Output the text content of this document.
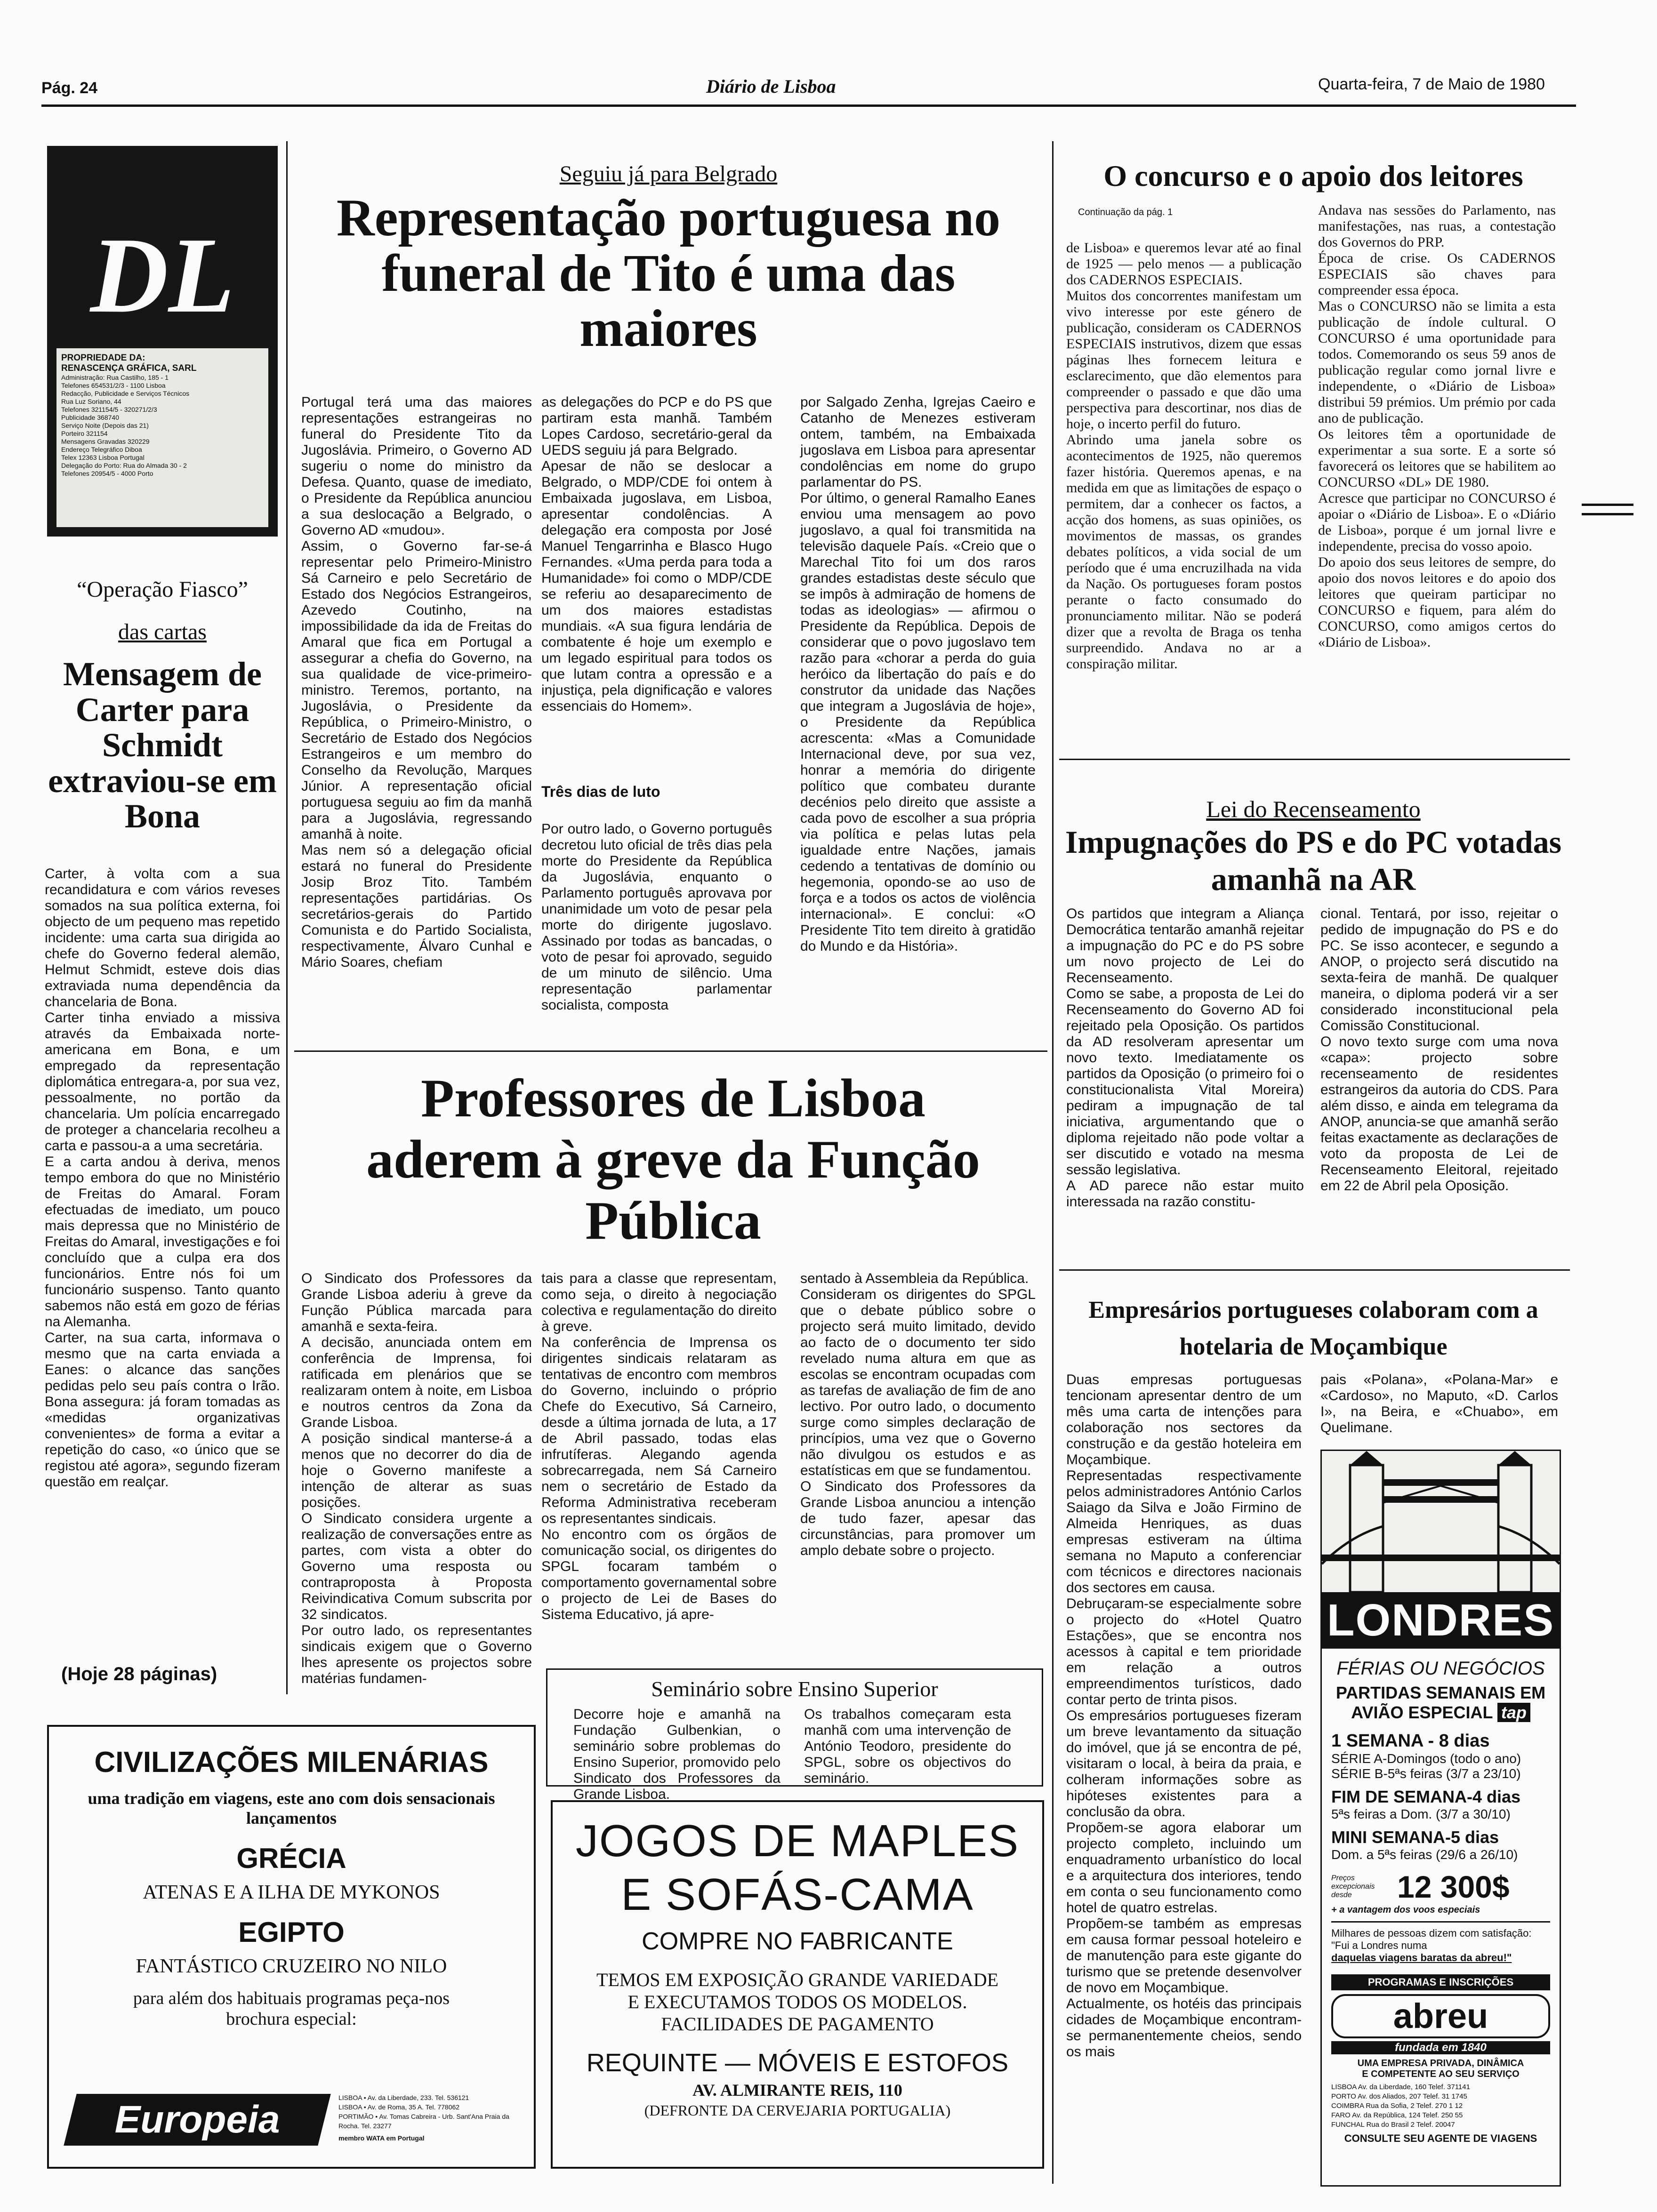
Pág. 24	Diário de Lisboa	Quarta-feira, 7 de Maio de 1980
DL
PROPRIEDADE DA:
RENASCENÇA GRÁFICA, SARL
Administração: Rua Castilho, 185 - 1
Telefones 654531/2/3 - 1100 Lisboa
Redacção, Publicidade e Serviços Técnicos
Rua Luz Soriano, 44
Telefones 321154/5 - 320271/2/3
Publicidade 368740
Serviço Noite (Depois das 21)
Porteiro 321154
Mensagens Gravadas 320229
Endereço Telegráfico Diboa
Telex 12363 Lisboa Portugal
Delegação do Porto: Rua do Almada 30 - 2
Telefones 20954/5 - 4000 Porto
“Operação Fiasco”
das cartas
Mensagem de Carter para Schmidt extraviou-se em Bona
Carter, à volta com a sua recandidatura e com vários reveses somados na sua política externa, foi objecto de um pequeno mas repetido incidente: uma carta sua dirigida ao chefe do Governo federal alemão, Helmut Schmidt, esteve dois dias extraviada numa dependência da chancelaria de Bona.
Carter tinha enviado a missiva através da Embaixada norte-americana em Bona, e um empregado da representação diplomática entregara-a, por sua vez, pessoalmente, no portão da chancelaria. Um polícia encarregado de proteger a chancelaria recolheu a carta e passou-a a uma secretária.
E a carta andou à deriva, menos tempo embora do que no Ministério de Freitas do Amaral. Foram efectuadas de imediato, um pouco mais depressa que no Ministério de Freitas do Amaral, investigações e foi concluído que a culpa era dos funcionários. Entre nós foi um funcionário suspenso. Tanto quanto sabemos não está em gozo de férias na Alemanha.
Carter, na sua carta, informava o mesmo que na carta enviada a Eanes: o alcance das sanções pedidas pelo seu país contra o Irão. Bona assegura: já foram tomadas as «medidas organizativas convenientes» de forma a evitar a repetição do caso, «o único que se registou até agora», segundo fizeram questão em realçar.
(Hoje 28 páginas)
Seguiu já para Belgrado
Representação portuguesa no funeral de Tito é uma das maiores
Portugal terá uma das maiores representações estrangeiras no funeral do Presidente Tito da Jugoslávia. Primeiro, o Governo AD sugeriu o nome do ministro da Defesa. Quanto, quase de imediato, o Presidente da República anunciou a sua deslocação a Belgrado, o Governo AD «mudou».
Assim, o Governo far-se-á representar pelo Primeiro-Ministro Sá Carneiro e pelo Secretário de Estado dos Negócios Estrangeiros, Azevedo Coutinho, na impossibilidade da ida de Freitas do Amaral que fica em Portugal a assegurar a chefia do Governo, na sua qualidade de vice-primeiro-ministro. Teremos, portanto, na Jugoslávia, o Presidente da República, o Primeiro-Ministro, o Secretário de Estado dos Negócios Estrangeiros e um membro do Conselho da Revolução, Marques Júnior. A representação oficial portuguesa seguiu ao fim da manhã para a Jugoslávia, regressando amanhã à noite.
Mas nem só a delegação oficial estará no funeral do Presidente Josip Broz Tito. Também representações partidárias. Os secretários-gerais do Partido Comunista e do Partido Socialista, respectivamente, Álvaro Cunhal e Mário Soares, chefiam
as delegações do PCP e do PS que partiram esta manhã. Também Lopes Cardoso, secretário-geral da UEDS seguiu já para Belgrado.
Apesar de não se deslocar a Belgrado, o MDP/CDE foi ontem à Embaixada jugoslava, em Lisboa, apresentar condolências. A delegação era composta por José Manuel Tengarrinha e Blasco Hugo Fernandes. «Uma perda para toda a Humanidade» foi como o MDP/CDE se referiu ao desaparecimento de um dos maiores estadistas mundiais. «A sua figura lendária de combatente é hoje um exemplo e um legado espiritual para todos os que lutam contra a opressão e a injustiça, pela dignificação e valores essenciais do Homem».
Três dias de luto
Por outro lado, o Governo português decretou luto oficial de três dias pela morte do Presidente da República da Jugoslávia, enquanto o Parlamento português aprovava por unanimidade um voto de pesar pela morte do dirigente jugoslavo. Assinado por todas as bancadas, o voto de pesar foi aprovado, seguido de um minuto de silêncio. Uma representação parlamentar socialista, composta
por Salgado Zenha, Igrejas Caeiro e Catanho de Menezes estiveram ontem, também, na Embaixada jugoslava em Lisboa para apresentar condolências em nome do grupo parlamentar do PS.
Por último, o general Ramalho Eanes enviou uma mensagem ao povo jugoslavo, a qual foi transmitida na televisão daquele País. «Creio que o Marechal Tito foi um dos raros grandes estadistas deste século que se impôs à admiração de homens de todas as ideologias» — afirmou o Presidente da República. Depois de considerar que o povo jugoslavo tem razão para «chorar a perda do guia heróico da libertação do país e do construtor da unidade das Nações que integram a Jugoslávia de hoje», o Presidente da República acrescenta: «Mas a Comunidade Internacional deve, por sua vez, honrar a memória do dirigente político que combateu durante decénios pelo direito que assiste a cada povo de escolher a sua própria via política e pelas lutas pela igualdade entre Nações, jamais cedendo a tentativas de domínio ou hegemonia, opondo-se ao uso de força e a todos os actos de violência internacional». E conclui: «O Presidente Tito tem direito à gratidão do Mundo e da História».
Professores de Lisboa aderem à greve da Função Pública
O Sindicato dos Professores da Grande Lisboa aderiu à greve da Função Pública marcada para amanhã e sexta-feira.
A decisão, anunciada ontem em conferência de Imprensa, foi ratificada em plenários que se realizaram ontem à noite, em Lisboa e noutros centros da Zona da Grande Lisboa.
A posição sindical mantersе-á a menos que no decorrer do dia de hoje o Governo manifeste a intenção de alterar as suas posições.
O Sindicato considera urgente a realização de conversações entre as partes, com vista a obter do Governo uma resposta ou contraproposta à Proposta Reivindicativa Comum subscrita por 32 sindicatos.
Por outro lado, os representantes sindicais exigem que o Governo lhes apresente os projectos sobre matérias fundamen-
tais para a classe que representam, como seja, o direito à negociação colectiva e regulamentação do direito à greve.
Na conferência de Imprensa os dirigentes sindicais relataram as tentativas de encontro com membros do Governo, incluindo o próprio Chefe do Executivo, Sá Carneiro, desde a última jornada de luta, a 17 de Abril passado, todas elas infrutíferas. Alegando agenda sobrecarregada, nem Sá Carneiro nem o secretário de Estado da Reforma Administrativa receberam os representantes sindicais.
No encontro com os órgãos de comunicação social, os dirigentes do SPGL focaram também o comportamento governamental sobre o projecto de Lei de Bases do Sistema Educativo, já apre-
sentado à Assembleia da República.
Consideram os dirigentes do SPGL que o debate público sobre o projecto será muito limitado, devido ao facto de o documento ter sido revelado numa altura em que as escolas se encontram ocupadas com as tarefas de avaliação de fim de ano lectivo. Por outro lado, o documento surge como simples declaração de princípios, uma vez que o Governo não divulgou os estudos e as estatísticas em que se fundamentou.
O Sindicato dos Professores da Grande Lisboa anunciou a intenção de tudo fazer, apesar das circunstâncias, para promover um amplo debate sobre o projecto.
Seminário sobre Ensino Superior
Decorre hoje e amanhã na Fundação Gulbenkian, o seminário sobre problemas do Ensino Superior, promovido pelo Sindicato dos Professores da Grande Lisboa.
Os trabalhos começaram esta manhã com uma intervenção de António Teodoro, presidente do SPGL, sobre os objectivos do seminário.
CIVILIZAÇÕES MILENÁRIAS
uma tradição em viagens, este ano com dois sensacionais lançamentos
GRÉCIA
ATENAS E A ILHA DE MYKONOS
EGIPTO
FANTÁSTICO CRUZEIRO NO NILO
para além dos habituais programas peça-nos brochura especial:
Europeia
LISBOA • Av. da Liberdade, 233. Tel. 536121
LISBOA • Av. de Roma, 35 A. Tel. 778062
PORTIMÃO • Av. Tomas Cabreira - Urb. Sant'Ana Praia da Rocha. Tel. 23277
membro WATA em Portugal
JOGOS DE MAPLES
E SOFÁS-CAMA
COMPRE NO FABRICANTE
TEMOS EM EXPOSIÇÃO GRANDE VARIEDADE
E EXECUTAMOS TODOS OS MODELOS.
FACILIDADES DE PAGAMENTO
REQUINTE — MÓVEIS E ESTOFOS
AV. ALMIRANTE REIS, 110
(DEFRONTE DA CERVEJARIA PORTUGALIA)
O concurso e o apoio dos leitores
Continuação da pág. 1
de Lisboa» e queremos levar até ao final de 1925 — pelo menos — a publicação dos CADERNOS ESPECIAIS.
Muitos dos concorrentes manifestam um vivo interesse por este género de publicação, consideram os CADERNOS ESPECIAIS instrutivos, dizem que essas páginas lhes fornecem leitura e esclarecimento, que dão elementos para compreender o passado e que dão uma perspectiva para descortinar, nos dias de hoje, o incerto perfil do futuro.
Abrindo uma janela sobre os acontecimentos de 1925, não queremos fazer história. Queremos apenas, e na medida em que as limitações de espaço o permitem, dar a conhecer os factos, a acção dos homens, as suas opiniões, os movimentos de massas, os grandes debates políticos, a vida social de um período que é uma encruzilhada na vida da Nação. Os portugueses foram postos perante o facto consumado do pronunciamento militar. Não se poderá dizer que a revolta de Braga os tenha surpreendido. Andava no ar a conspiração militar.
Andava nas sessões do Parlamento, nas manifestações, nas ruas, a contestação dos Governos do PRP.
Época de crise. Os CADERNOS ESPECIAIS são chaves para compreender essa época.
Mas o CONCURSO não se limita a esta publicação de índole cultural. O CONCURSO é uma oportunidade para todos. Comemorando os seus 59 anos de publicação regular como jornal livre e independente, o «Diário de Lisboa» distribui 59 prémios. Um prémio por cada ano de publicação.
Os leitores têm a oportunidade de experimentar a sua sorte. E a sorte só favorecerá os leitores que se habilitem ao CONCURSO «DL» DE 1980.
Acresce que participar no CONCURSO é apoiar o «Diário de Lisboa». E o «Diário de Lisboa», porque é um jornal livre e independente, precisa do vosso apoio.
Do apoio dos seus leitores de sempre, do apoio dos novos leitores e do apoio dos leitores que queiram participar no CONCURSO e fiquem, para além do CONCURSO, como amigos certos do «Diário de Lisboa».
Lei do Recenseamento
Impugnações do PS e do PC votadas amanhã na AR
Os partidos que integram a Aliança Democrática tentarão amanhã rejeitar a impugnação do PC e do PS sobre um novo projecto de Lei do Recenseamento.
Como se sabe, a proposta de Lei do Recenseamento do Governo AD foi rejeitado pela Oposição. Os partidos da AD resolveram apresentar um novo texto. Imediatamente os partidos da Oposição (o primeiro foi o constitucionalista Vital Moreira) pediram a impugnação de tal iniciativa, argumentando que o diploma rejeitado não pode voltar a ser discutido e votado na mesma sessão legislativa.
A AD parece não estar muito interessada na razão constitu-
cional. Tentará, por isso, rejeitar o pedido de impugnação do PS e do PC. Se isso acontecer, e segundo a ANOP, o projecto será discutido na sexta-feira de manhã. De qualquer maneira, o diploma poderá vir a ser considerado inconstitucional pela Comissão Constitucional.
O novo texto surge com uma nova «capa»: projecto sobre recenseamento de residentes estrangeiros da autoria do CDS. Para além disso, e ainda em telegrama da ANOP, anuncia-se que amanhã serão feitas exactamente as declarações de voto da proposta de Lei de Recenseamento Eleitoral, rejeitado em 22 de Abril pela Oposição.
Empresários portugueses colaboram com a hotelaria de Moçambique
Duas empresas portuguesas tencionam apresentar dentro de um mês uma carta de intenções para colaboração nos sectores da construção e da gestão hoteleira em Moçambique.
Representadas respectivamente pelos administradores António Carlos Saiago da Silva e João Firmino de Almeida Henriques, as duas empresas estiveram na última semana no Maputo a conferenciar com técnicos e directores nacionais dos sectores em causa.
Debruçaram-se especialmente sobre o projecto do «Hotel Quatro Estações», que se encontra nos acessos à capital e tem prioridade em relação a outros empreendimentos turísticos, dado contar perto de trinta pisos.
Os empresários portugueses fizeram um breve levantamento da situação do imóvel, que já se encontra de pé, visitaram o local, à beira da praia, e colheram informações sobre as hipóteses existentes para a conclusão da obra.
Propõem-se agora elaborar um projecto completo, incluindo um enquadramento urbanístico do local e a arquitectura dos interiores, tendo em conta o seu funcionamento como hotel de quatro estrelas.
Propõem-se também as empresas em causa formar pessoal hoteleiro e de manutenção para este gigante do turismo que se pretende desenvolver de novo em Moçambique.
Actualmente, os hotéis das principais cidades de Moçambique encontram-se permanentemente cheios, sendo os mais
pais «Polana», «Polana-Mar» e «Cardoso», no Maputo, «D. Carlos I», na Beira, e «Chuabo», em Quelimane.
LONDRES
FÉRIAS OU NEGÓCIOS
PARTIDAS SEMANAIS EM
AVIÃO ESPECIAL tap
1 SEMANA - 8 dias
SÉRIE A-Domingos (todo o ano)
SÉRIE B-5ªs feiras (3/7 a 23/10)
FIM DE SEMANA-4 dias
5ªs feiras a Dom. (3/7 a 30/10)
MINI SEMANA-5 dias
Dom. a 5ªs feiras (29/6 a 26/10)
Preços excepcionais desde	12 300$
+ a vantagem dos voos especiais
Milhares de pessoas dizem com satisfação: "Fui a Londres numa
daquelas viagens baratas da abreu!"
PROGRAMAS E INSCRIÇÕES
abreu
fundada em 1840
UMA EMPRESA PRIVADA, DINÂMICA
E COMPETENTE AO SEU SERVIÇO
LISBOA Av. da Liberdade, 160 Telef. 371141
PORTO Av. dos Aliados, 207 Telef. 31 1745
COIMBRA Rua da Sofia, 2 Telef. 270 1 12
FARO Av. da República, 124 Telef. 250 55
FUNCHAL Rua do Brasil 2 Telef. 20047
CONSULTE SEU AGENTE DE VIAGENS
